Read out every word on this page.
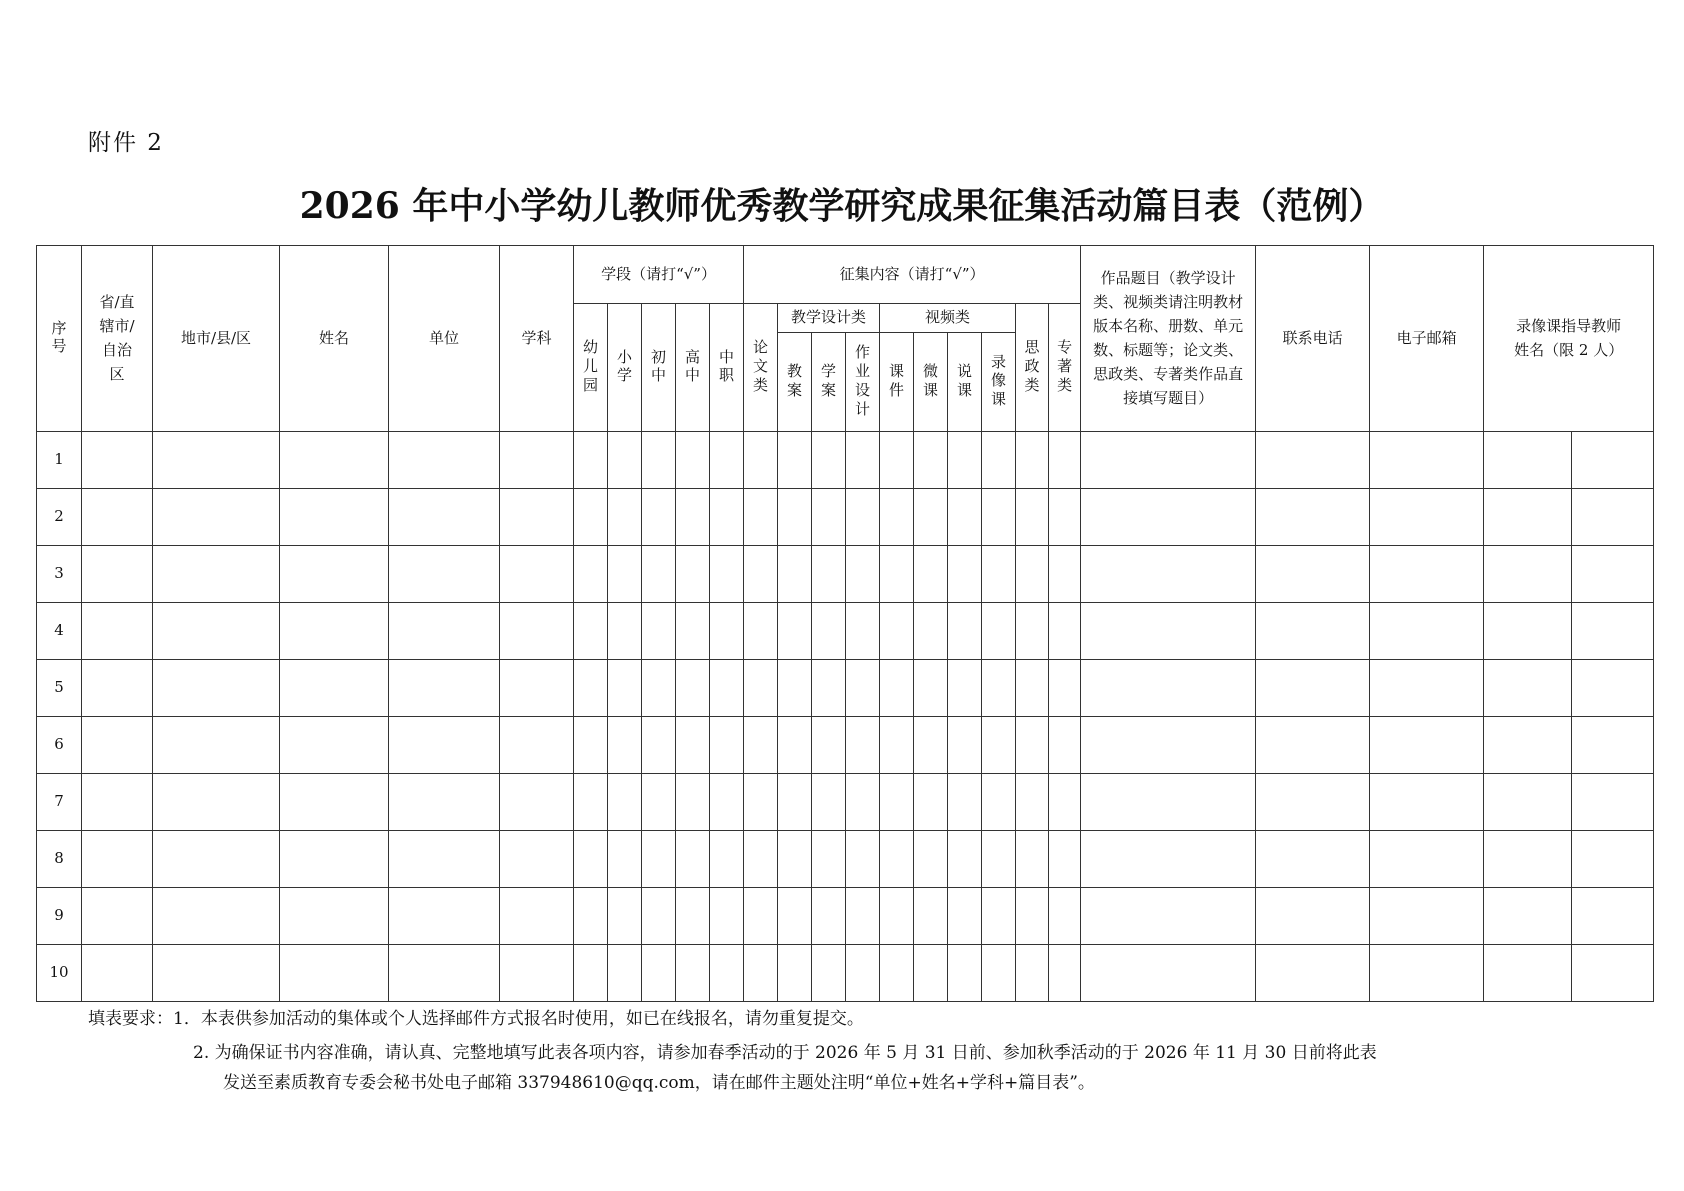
附件 2
2026 年中小学幼儿教师优秀教学研究成果征集活动篇目表（范例）
序号	省/直辖市/自治区	地市/县/区	姓名	单位	学科	学段（请打“√”）					征集内容（请打“√”）										作品题目（教学设计类、视频类请注明教材版本名称、册数、单元数、标题等；论文类、思政类、专著类作品直接填写题目）	联系电话	电子邮箱	录像课指导教师姓名（限 2 人）	
						幼儿园	小学	初中	高中	中职	论文类	教学设计类			视频类				思政类	专著类					
												教案	学案	作业设计	课件	微课	说课	录像课							
1																									
2																									
3																									
4																									
5																									
6																									
7																									
8																									
9																									
10																									
填表要求：1．本表供参加活动的集体或个人选择邮件方式报名时使用，如已在线报名，请勿重复提交。
2. 为确保证书内容准确，请认真、完整地填写此表各项内容，请参加春季活动的于 2026 年 5 月 31 日前、参加秋季活动的于 2026 年 11 月 30 日前将此表
发送至素质教育专委会秘书处电子邮箱 337948610@qq.com，请在邮件主题处注明“单位+姓名+学科+篇目表”。
